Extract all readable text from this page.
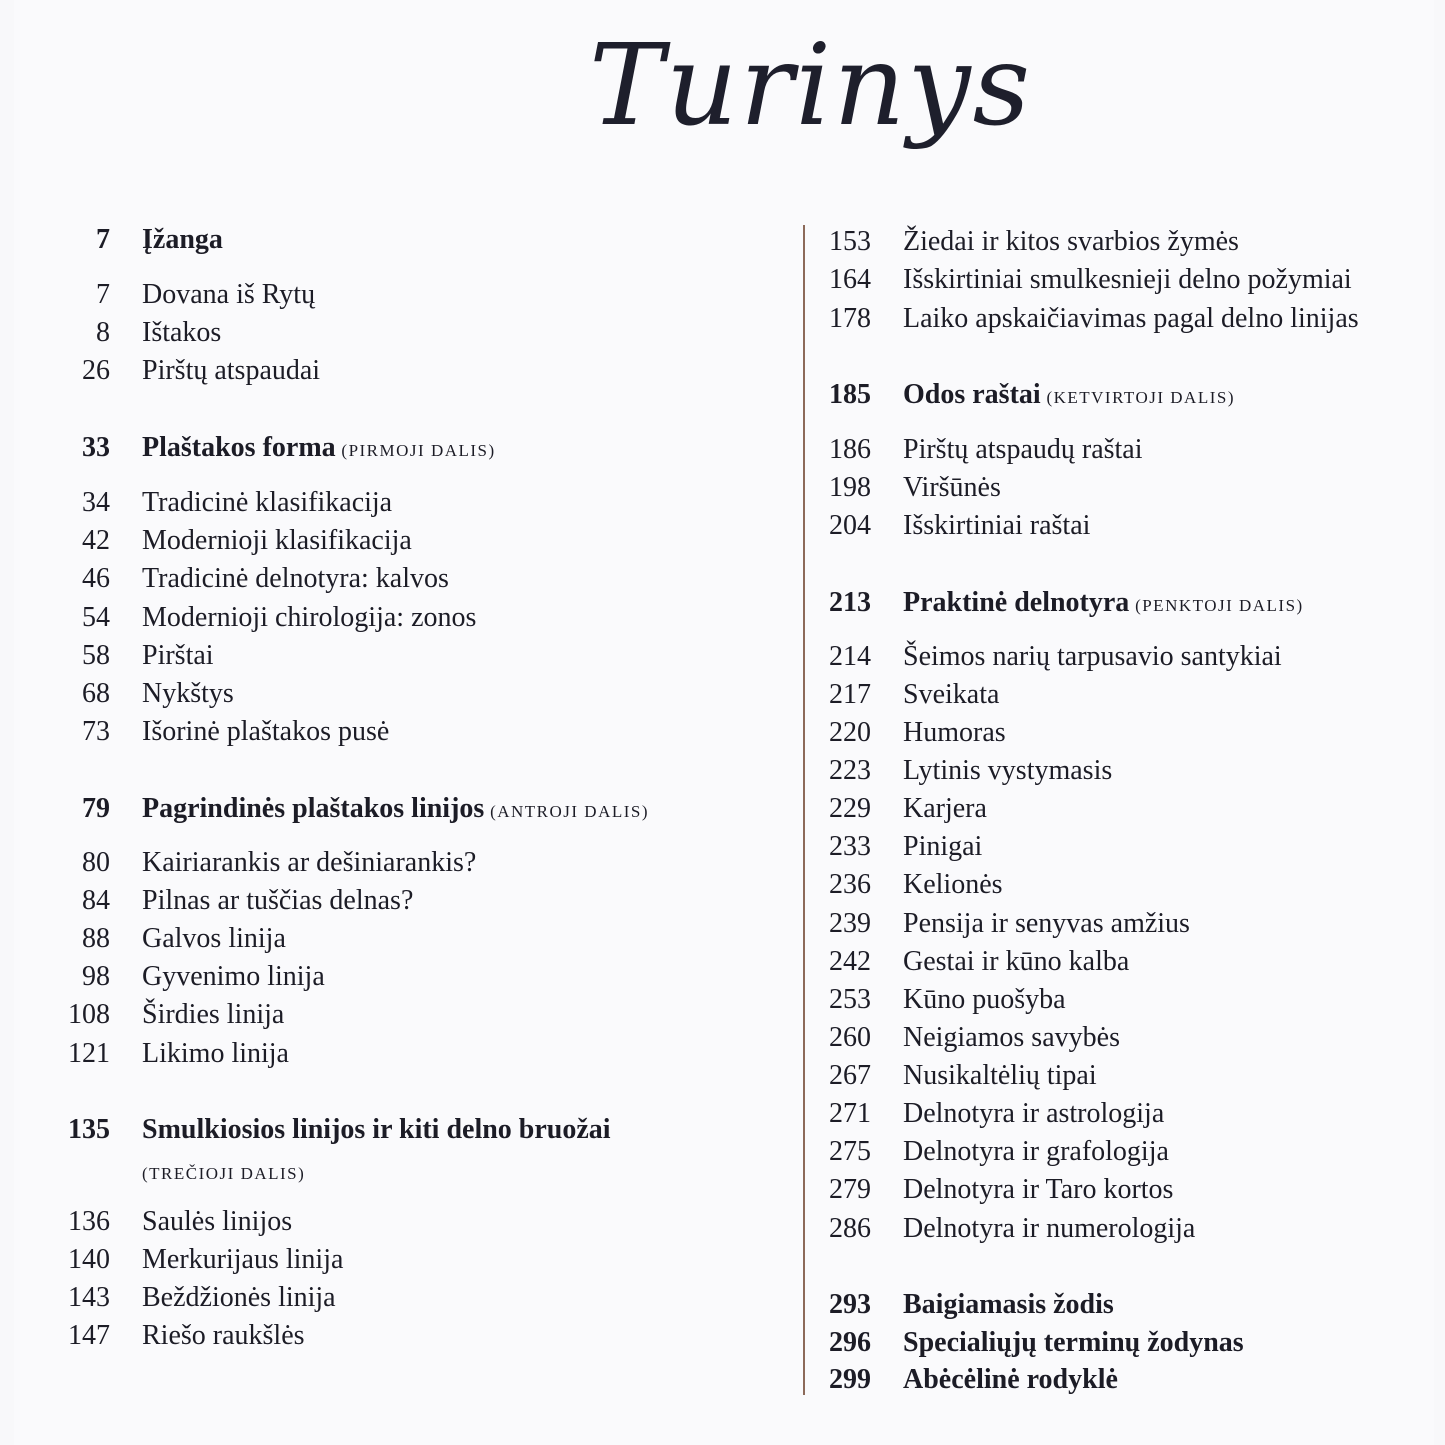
Turinys
7 Įžanga
7 Dovana iš Rytų
8 Ištakos
26 Pirštų atspaudai
33 Plaštakos forma (PIRMOJI DALIS)
34 Tradicinė klasifikacija
42 Modernioji klasifikacija
46 Tradicinė delnotyra: kalvos
54 Modernioji chirologija: zonos
58 Pirštai
68 Nykštys
73 Išorinė plaštakos pusė
79 Pagrindinės plaštakos linijos (ANTROJI DALIS)
80 Kairiarankis ar dešiniarankis?
84 Pilnas ar tuščias delnas?
88 Galvos linija
98 Gyvenimo linija
108 Širdies linija
121 Likimo linija
135 Smulkiosios linijos ir kiti delno bruožai
(TREČIOJI DALIS)
136 Saulės linijos
140 Merkurijaus linija
143 Beždžionės linija
147 Riešo raukšlės
153 Žiedai ir kitos svarbios žymės
164 Išskirtiniai smulkesnieji delno požymiai
178 Laiko apskaičiavimas pagal delno linijas
185 Odos raštai (KETVIRTOJI DALIS)
186 Pirštų atspaudų raštai
198 Viršūnės
204 Išskirtiniai raštai
213 Praktinė delnotyra (PENKTOJI DALIS)
214 Šeimos narių tarpusavio santykiai
217 Sveikata
220 Humoras
223 Lytinis vystymasis
229 Karjera
233 Pinigai
236 Kelionės
239 Pensija ir senyvas amžius
242 Gestai ir kūno kalba
253 Kūno puošyba
260 Neigiamos savybės
267 Nusikaltėlių tipai
271 Delnotyra ir astrologija
275 Delnotyra ir grafologija
279 Delnotyra ir Taro kortos
286 Delnotyra ir numerologija
293 Baigiamasis žodis
296 Specialiųjų terminų žodynas
299 Abėcėlinė rodyklė
